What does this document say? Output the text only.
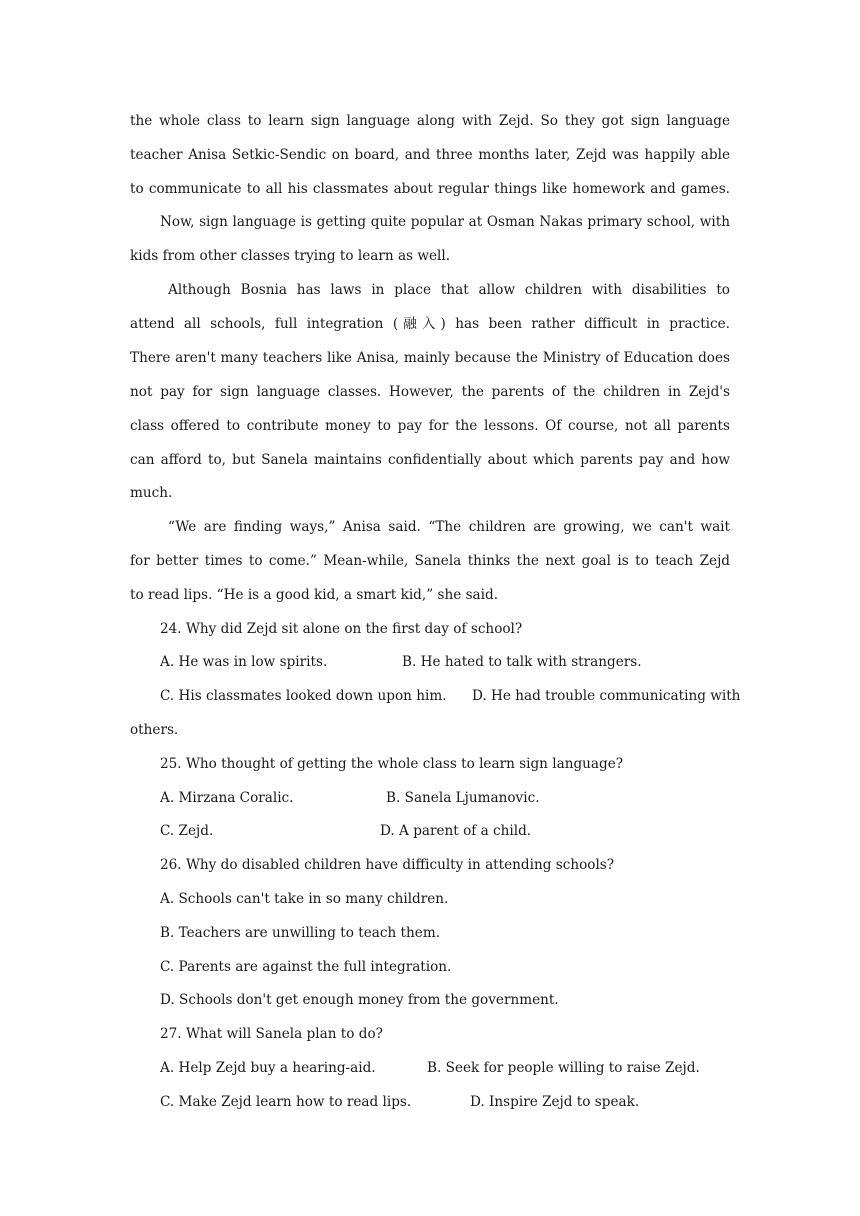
the whole class to learn sign language along with Zejd. So they got sign language
teacher Anisa Setkic-Sendic on board, and three months later, Zejd was happily able
to communicate to all his classmates about regular things like homework and games.
Now, sign language is getting quite popular at Osman Nakas primary school, with
kids from other classes trying to learn as well.
Although Bosnia has laws in place that allow children with disabilities to
attend all schools, full integration (融入) has been rather difficult in practice.
There aren't many teachers like Anisa, mainly because the Ministry of Education does
not pay for sign language classes. However, the parents of the children in Zejd's
class offered to contribute money to pay for the lessons. Of course, not all parents
can afford to, but Sanela maintains confidentially about which parents pay and how
much.
“We are finding ways,” Anisa said. “The children are growing, we can't wait
for better times to come.” Mean-while, Sanela thinks the next goal is to teach Zejd
to read lips. “He is a good kid, a smart kid,” she said.
24. Why did Zejd sit alone on the first day of school?
A. He was in low spirits.	B. He hated to talk with strangers.
C. His classmates looked down upon him. D. He had trouble communicating with
others.
25. Who thought of getting the whole class to learn sign language?
A. Mirzana Coralic.	B. Sanela Ljumanovic.
C. Zejd.	D. A parent of a child.
26. Why do disabled children have difficulty in attending schools?
A. Schools can't take in so many children.
B. Teachers are unwilling to teach them.
C. Parents are against the full integration.
D. Schools don't get enough money from the government.
27. What will Sanela plan to do?
A. Help Zejd buy a hearing-aid.	B. Seek for people willing to raise Zejd.
C. Make Zejd learn how to read lips.	D. Inspire Zejd to speak.
